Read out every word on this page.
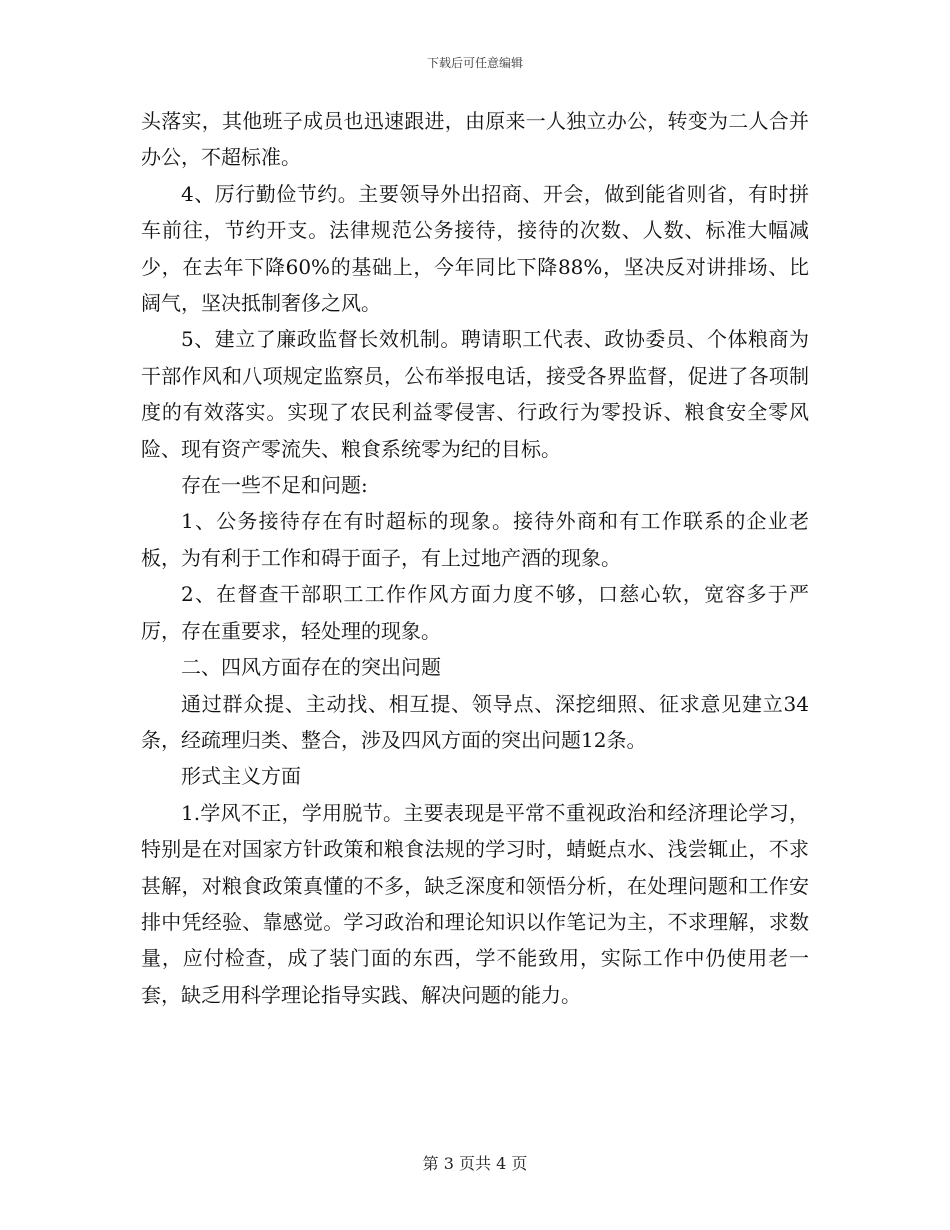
下载后可任意编辑

头落实，其他班子成员也迅速跟进，由原来一人独立办公，转变为二人合并办公，不超标准。

4、厉行勤俭节约。主要领导外出招商、开会，做到能省则省，有时拼车前往，节约开支。法律规范公务接待，接待的次数、人数、标准大幅减少，在去年下降60%的基础上，今年同比下降88%，坚决反对讲排场、比阔气，坚决抵制奢侈之风。

5、建立了廉政监督长效机制。聘请职工代表、政协委员、个体粮商为干部作风和八项规定监察员，公布举报电话，接受各界监督，促进了各项制度的有效落实。实现了农民利益零侵害、行政行为零投诉、粮食安全零风险、现有资产零流失、粮食系统零为纪的目标。

存在一些不足和问题:

1、公务接待存在有时超标的现象。接待外商和有工作联系的企业老板，为有利于工作和碍于面子，有上过地产酒的现象。

2、在督查干部职工工作作风方面力度不够，口慈心软，宽容多于严厉，存在重要求，轻处理的现象。

二、四风方面存在的突出问题

通过群众提、主动找、相互提、领导点、深挖细照、征求意见建立34条，经疏理归类、整合，涉及四风方面的突出问题12条。

形式主义方面

1.学风不正，学用脱节。主要表现是平常不重视政治和经济理论学习，特别是在对国家方针政策和粮食法规的学习时，蜻蜓点水、浅尝辄止，不求甚解，对粮食政策真懂的不多，缺乏深度和领悟分析，在处理问题和工作安排中凭经验、靠感觉。学习政治和理论知识以作笔记为主，不求理解，求数量，应付检查，成了装门面的东西，学不能致用，实际工作中仍使用老一套，缺乏用科学理论指导实践、解决问题的能力。

第 3 页共 4 页
